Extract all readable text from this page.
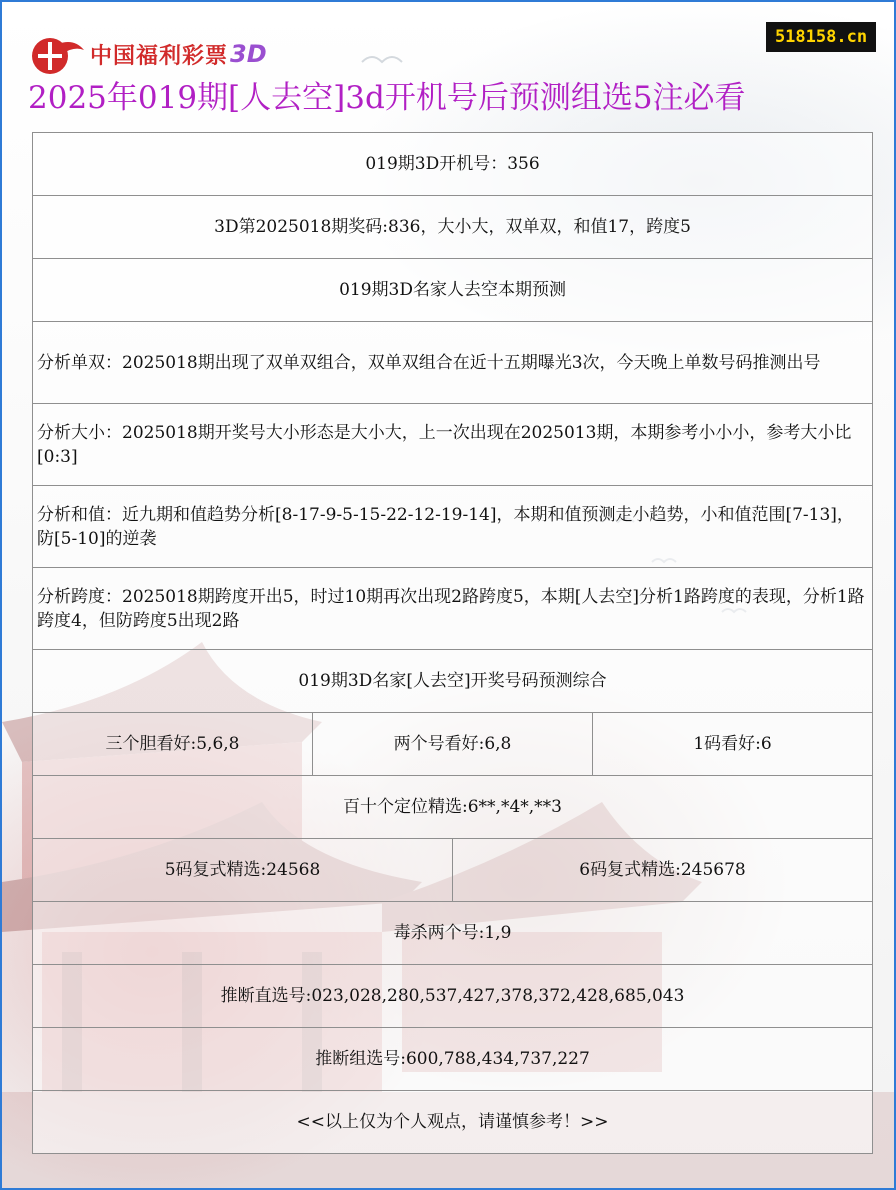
中国福利彩票 3D
518158.cn
2025年019期[人去空]3d开机号后预测组选5注必看
019期3D开机号：356			
3D第2025018期奖码:836，大小大，双单双，和值17，跨度5			
019期3D名家人去空本期预测			
分析单双：2025018期出现了双单双组合，双单双组合在近十五期曝光3次，今天晚上单数号码推测出号			
分析大小：2025018期开奖号大小形态是大小大，上一次出现在2025013期，本期参考小小小，参考大小比[0:3]			
分析和值：近九期和值趋势分析[8-17-9-5-15-22-12-19-14]，本期和值预测走小趋势，小和值范围[7-13]，防[5-10]的逆袭			
分析跨度：2025018期跨度开出5，时过10期再次出现2路跨度5，本期[人去空]分析1路跨度的表现，分析1路跨度4，但防跨度5出现2路			
019期3D名家[人去空]开奖号码预测综合			
三个胆看好:5,6,8	两个号看好:6,8		1码看好:6
百十个定位精选:6**,*4*,**3			
5码复式精选:24568		6码复式精选:245678	
毒杀两个号:1,9			
推断直选号:023,028,280,537,427,378,372,428,685,043			
推断组选号:600,788,434,737,227			
<<以上仅为个人观点，请谨慎参考！>>			
